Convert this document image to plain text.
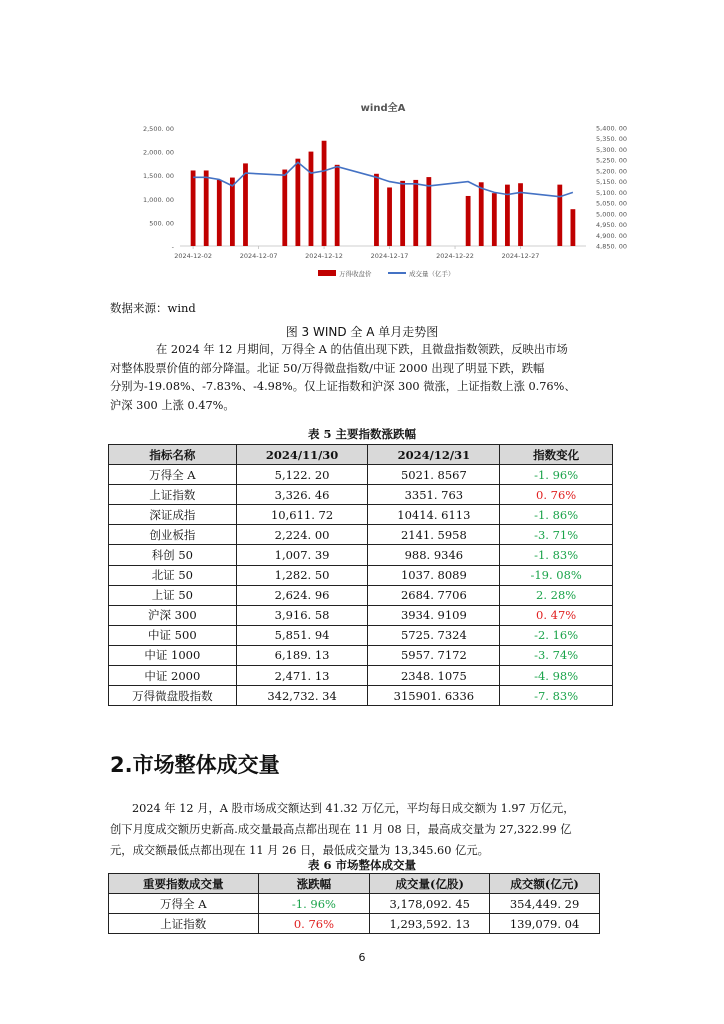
wind全A
2,500. 00
2,000. 00
1,500. 00
1,000. 00
500. 00
-
5,400. 00
5,350. 00
5,300. 00
5,250. 00
5,200. 00
5,150. 00
5,100. 00
5,050. 00
5,000. 00
4,950. 00
4,900. 00
4,850. 00
2024-12-02	2024-12-07	2024-12-12	2024-12-17	2024-12-22	2024-12-27
万得收盘价	成交量（亿手）
数据来源：wind
图 3 WIND 全 A 单月走势图
在 2024 年 12 月期间，万得全 A 的估值出现下跌，且微盘指数领跌，反映出市场
对整体股票价值的部分降温。北证 50/万得微盘指数/中证 2000 出现了明显下跌，跌幅
分别为-19.08%、-7.83%、-4.98%。仅上证指数和沪深 300 微涨，上证指数上涨 0.76%、
沪深 300 上涨 0.47%。
表 5 主要指数涨跌幅
指标名称	2024/11/30	2024/12/31	指数变化
万得全 A	5,122. 20	5021. 8567	-1. 96%
上证指数	3,326. 46	3351. 763	0. 76%
深证成指	10,611. 72	10414. 6113	-1. 86%
创业板指	2,224. 00	2141. 5958	-3. 71%
科创 50	1,007. 39	988. 9346	-1. 83%
北证 50	1,282. 50	1037. 8089	-19. 08%
上证 50	2,624. 96	2684. 7706	2. 28%
沪深 300	3,916. 58	3934. 9109	0. 47%
中证 500	5,851. 94	5725. 7324	-2. 16%
中证 1000	6,189. 13	5957. 7172	-3. 74%
中证 2000	2,471. 13	2348. 1075	-4. 98%
万得微盘股指数	342,732. 34	315901. 6336	-7. 83%
2.市场整体成交量
2024 年 12 月，A 股市场成交额达到 41.32 万亿元，平均每日成交额为 1.97 万亿元，
创下月度成交额历史新高.成交量最高点都出现在 11 月 08 日，最高成交量为 27,322.99 亿
元，成交额最低点都出现在 11 月 26 日，最低成交量为 13,345.60 亿元。
表 6 市场整体成交量
重要指数成交量	涨跌幅	成交量(亿股)	成交额(亿元)
万得全 A	-1. 96%	3,178,092. 45	354,449. 29
上证指数	0. 76%	1,293,592. 13	139,079. 04
6
